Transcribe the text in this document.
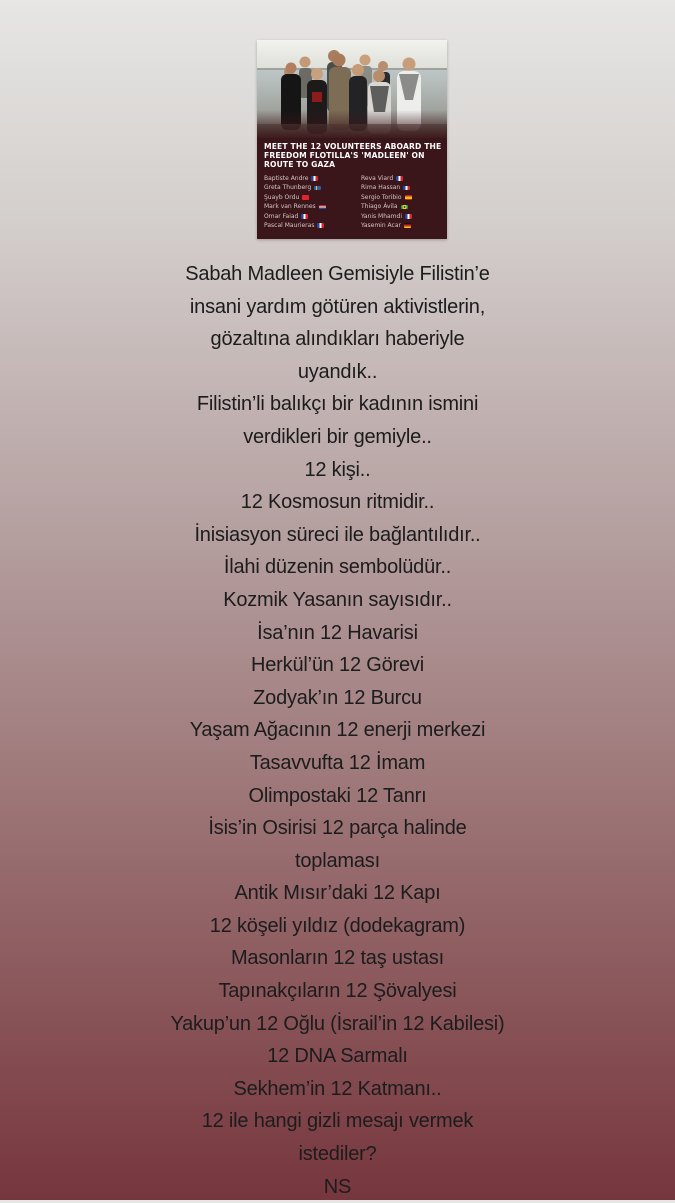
MEET THE 12 VOLUNTEERS ABOARD THE FREEDOM FLOTILLA'S 'MADLEEN' ON ROUTE TO GAZA

Baptiste Andre
Greta Thunberg
Şuayb Ordu
Mark van Rennes
Omar Faiad
Pascal Maurieras
Reva Viard
Rima Hassan
Sergio Toribio
Thiago Ávila
Yanis Mhamdi
Yasemin Acar
Sabah Madleen Gemisiyle Filistin’e
insani yardım götüren aktivistlerin,
gözaltına alındıkları haberiyle
uyandık..
Filistin’li balıkçı bir kadının ismini
verdikleri bir gemiyle..
12 kişi..
12 Kosmosun ritmidir..
İnisiasyon süreci ile bağlantılıdır..
İlahi düzenin sembolüdür..
Kozmik Yasanın sayısıdır..
İsa’nın 12 Havarisi
Herkül’ün 12 Görevi
Zodyak’ın 12 Burcu
Yaşam Ağacının 12 enerji merkezi
Tasavvufta 12 İmam
Olimpostaki 12 Tanrı
İsis’in Osirisi 12 parça halinde
toplaması
Antik Mısır’daki 12 Kapı
12 köşeli yıldız (dodekagram)
Masonların 12 taş ustası
Tapınakçıların 12 Şövalyesi
Yakup’un 12 Oğlu (İsrail’in 12 Kabilesi)
12 DNA Sarmalı
Sekhem’in 12 Katmanı..
12 ile hangi gizli mesajı vermek
istediler?
NS
